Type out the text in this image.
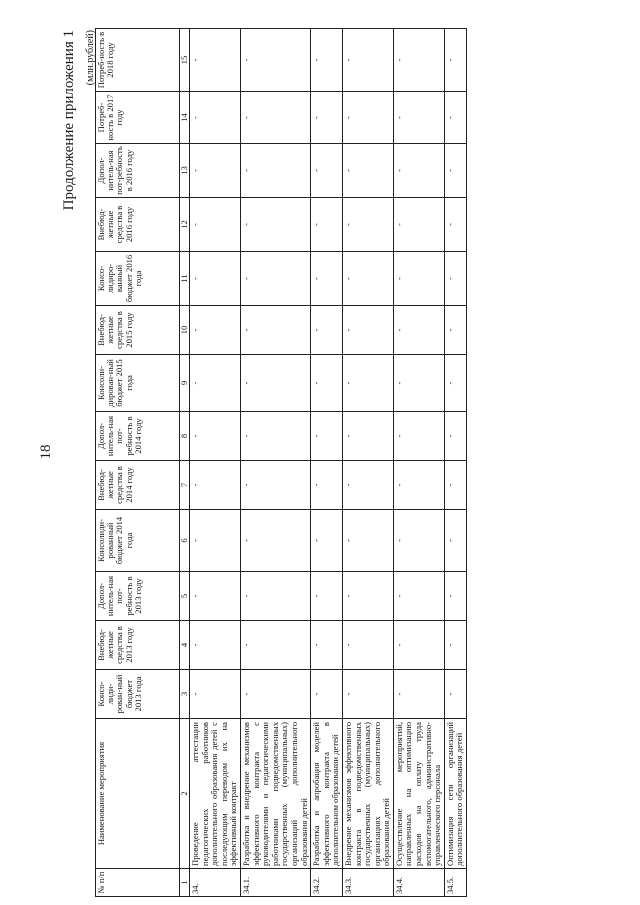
18
Продолжение приложения 1 (млн.рублей)
№ п/п	Наименование мероприятия	Консо-лиди-рован-ный бюджет 2013 года	Внебюд-жетные средства в 2013 году	Допол-нитель-ная пот-ребность в 2013 году	Консолиди-рованный бюджет 2014 года	Внебюд-жетные средства в 2014 году	Допол-нитель-ная пот-ребность в 2014 году	Консоли-дирован-ный бюджет 2015 года	Внебюд-жетные средства в 2015 году	Консо-лидиро-ванный бюджет 2016 года	Внебюд-жетные средства в 2016 году	Допол-нитель-ная пот-ребность в 2016 году	Потреб-ность в 2017 году	Потреб-ность в 2018 году
1	2	3	4	5	6	7	8	9	10	11	12	13	14	15
34.	Проведение аттестации педагогических работников дополнительного образования детей с последующим переводом их на эффективный контракт	-	-	-	-	-	-	-	-	-	-	-	-	-
34.1.	Разработка и внедрение механизмов эффективного контракта с руководителями и педагогическими работниками подведомственных государственных (муниципальных) организаций дополнительного образования детей	-	-	-	-	-	-	-	-	-	-	-	-	-
34.2.	Разработка и апробация моделей эффективного контракта в дополнительном образовании детей	-	-	-	-	-	-	-	-	-	-	-	-	-
34.3.	Внедрение механизмов эффективного контракта в подведомственных государственных (муниципальных) организациях дополнительного образования детей	-	-	-	-	-	-	-	-	-	-	-	-	-
34.4.	Осуществление мероприятий, направленных на оптимизацию расходов на оплату труда вспомогательного, административно-управленческого персонала	-	-	-	-	-	-	-	-	-	-	-	-	-
34.5.	Оптимизация сети организаций дополнительного образования детей	-	-	-	-	-	-	-	-	-	-	-	-	-
